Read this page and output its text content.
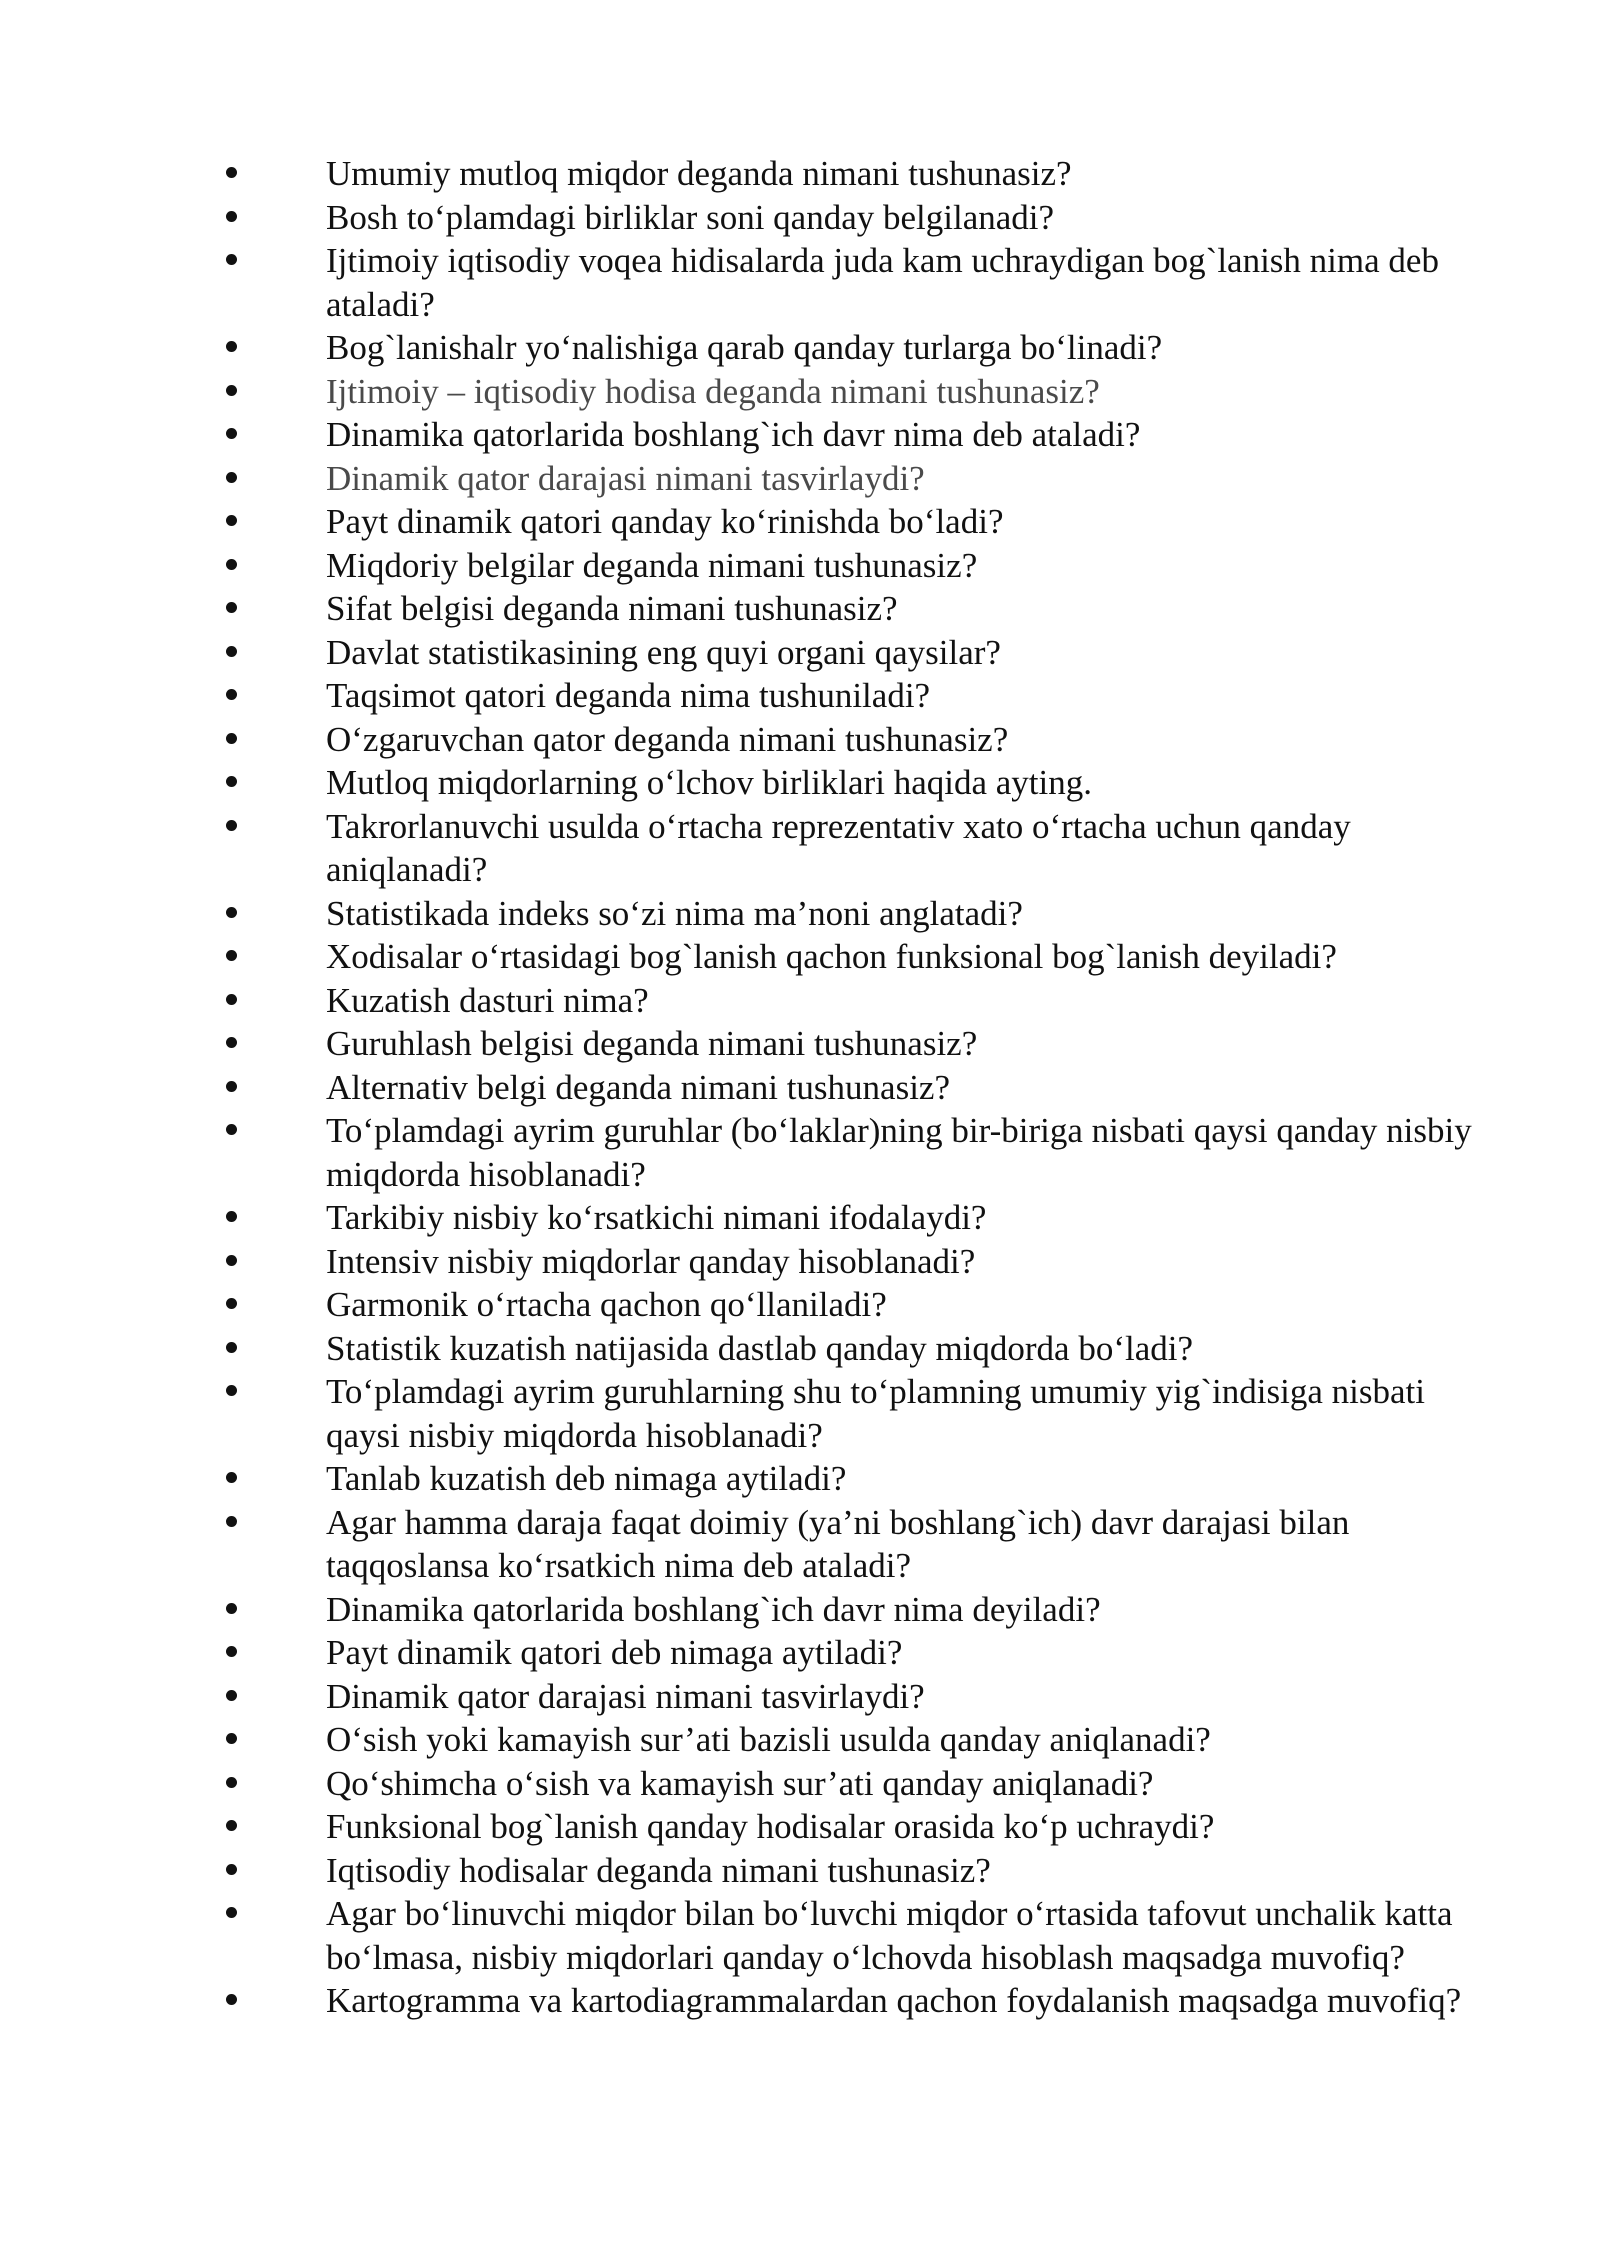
Umumiy mutloq miqdor deganda nimani tushunasiz?
Bosh to‘plamdagi birliklar soni qanday belgilanadi?
Ijtimoiy iqtisodiy voqea hidisalarda juda kam uchraydigan bog`lanish nima deb ataladi?
Bog`lanishalr yo‘nalishiga qarab qanday turlarga bo‘linadi?
Ijtimoiy – iqtisodiy hodisa deganda nimani tushunasiz?
Dinamika qatorlarida boshlang`ich davr nima deb ataladi?
Dinamik qator darajasi nimani tasvirlaydi?
Payt dinamik qatori qanday ko‘rinishda bo‘ladi?
Miqdoriy belgilar deganda nimani tushunasiz?
Sifat belgisi deganda nimani tushunasiz?
Davlat statistikasining eng quyi organi qaysilar?
Taqsimot qatori deganda nima tushuniladi?
O‘zgaruvchan qator deganda nimani tushunasiz?
Mutloq miqdorlarning o‘lchov birliklari haqida ayting.
Takrorlanuvchi usulda o‘rtacha reprezentativ xato o‘rtacha uchun qanday aniqlanadi?
Statistikada indeks so‘zi nima ma’noni anglatadi?
Xodisalar o‘rtasidagi bog`lanish qachon funksional bog`lanish deyiladi?
Kuzatish dasturi nima?
Guruhlash belgisi deganda nimani tushunasiz?
Alternativ belgi deganda nimani tushunasiz?
To‘plamdagi ayrim guruhlar (bo‘laklar)ning bir-biriga nisbati qaysi qanday nisbiy miqdorda hisoblanadi?
Tarkibiy nisbiy ko‘rsatkichi nimani ifodalaydi?
Intensiv nisbiy miqdorlar qanday hisoblanadi?
Garmonik o‘rtacha qachon qo‘llaniladi?
Statistik kuzatish natijasida dastlab qanday miqdorda bo‘ladi?
To‘plamdagi ayrim guruhlarning shu to‘plamning umumiy yig`indisiga nisbati qaysi nisbiy miqdorda hisoblanadi?
Tanlab kuzatish deb nimaga aytiladi?
Agar hamma daraja faqat doimiy (ya’ni boshlang`ich) davr darajasi bilan taqqoslansa ko‘rsatkich nima deb ataladi?
Dinamika qatorlarida boshlang`ich davr nima deyiladi?
Payt dinamik qatori deb nimaga aytiladi?
Dinamik qator darajasi nimani tasvirlaydi?
O‘sish yoki kamayish sur’ati bazisli usulda qanday aniqlanadi?
Qo‘shimcha o‘sish va kamayish sur’ati qanday aniqlanadi?
Funksional bog`lanish qanday hodisalar orasida ko‘p uchraydi?
Iqtisodiy hodisalar deganda nimani tushunasiz?
Agar bo‘linuvchi miqdor bilan bo‘luvchi miqdor o‘rtasida tafovut unchalik katta bo‘lmasa, nisbiy miqdorlari qanday o‘lchovda hisoblash maqsadga muvofiq?
Kartogramma va kartodiagrammalardan qachon foydalanish maqsadga muvofiq?
